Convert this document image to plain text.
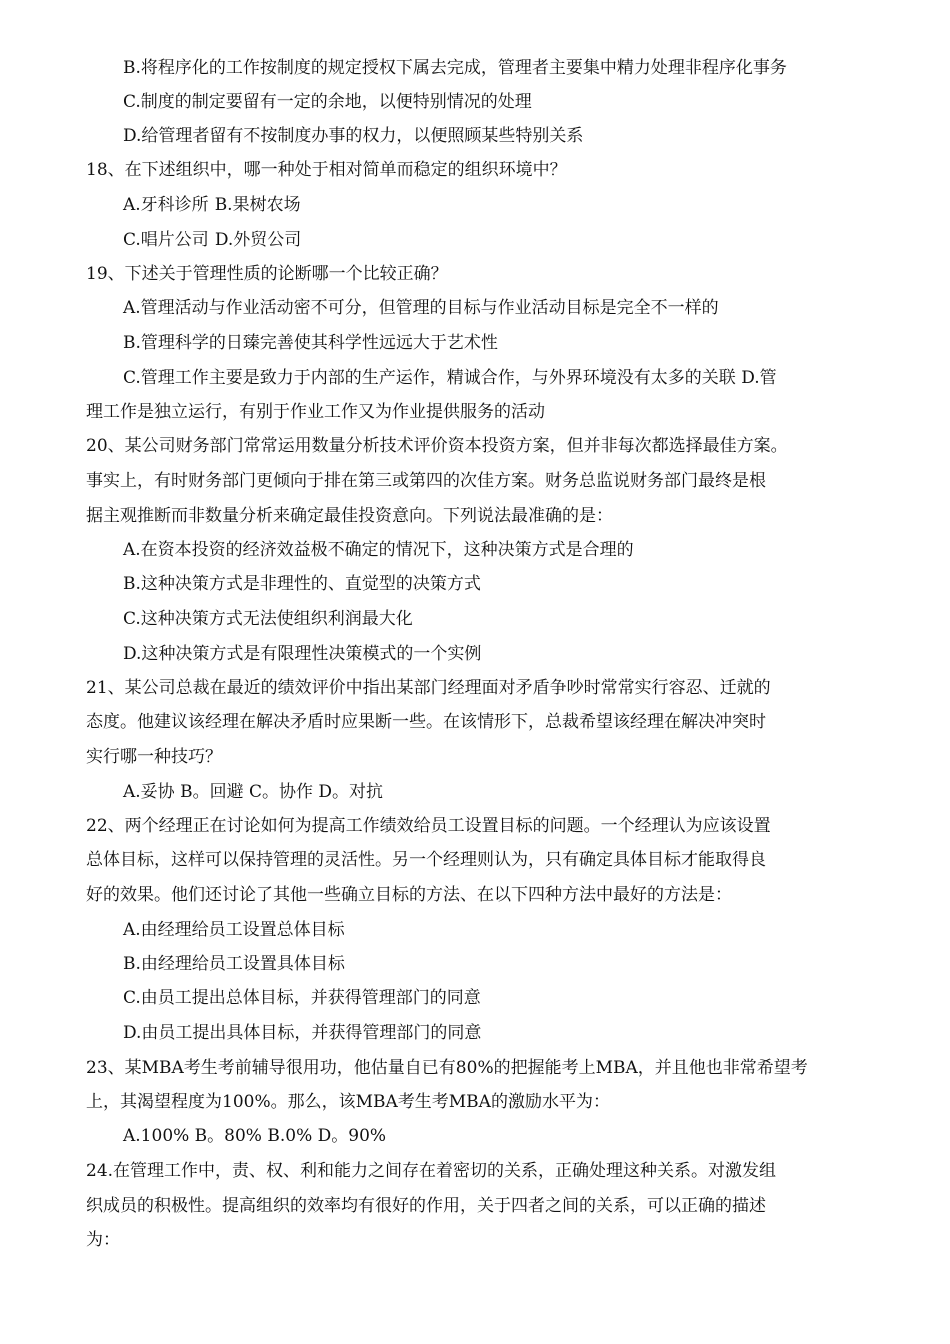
B.将程序化的工作按制度的规定授权下属去完成，管理者主要集中精力处理非程序化事务

C.制度的制定要留有一定的余地，以便特别情况的处理

D.给管理者留有不按制度办事的权力，以便照顾某些特别关系

18、在下述组织中，哪一种处于相对简单而稳定的组织环境中？

A.牙科诊所 B.果树农场

C.唱片公司 D.外贸公司

19、下述关于管理性质的论断哪一个比较正确？

A.管理活动与作业活动密不可分，但管理的目标与作业活动目标是完全不一样的

B.管理科学的日臻完善使其科学性远远大于艺术性

C.管理工作主要是致力于内部的生产运作，精诚合作，与外界环境没有太多的关联 D.管

理工作是独立运行，有别于作业工作又为作业提供服务的活动

20、某公司财务部门常常运用数量分析技术评价资本投资方案，但并非每次都选择最佳方案。

事实上，有时财务部门更倾向于排在第三或第四的次佳方案。财务总监说财务部门最终是根

据主观推断而非数量分析来确定最佳投资意向。下列说法最准确的是：

A.在资本投资的经济效益极不确定的情况下，这种决策方式是合理的

B.这种决策方式是非理性的、直觉型的决策方式

C.这种决策方式无法使组织利润最大化

D.这种决策方式是有限理性决策模式的一个实例

21、某公司总裁在最近的绩效评价中指出某部门经理面对矛盾争吵时常常实行容忍、迁就的

态度。他建议该经理在解决矛盾时应果断一些。在该情形下，总裁希望该经理在解决冲突时

实行哪一种技巧？

A.妥协 B。回避 C。协作 D。对抗

22、两个经理正在讨论如何为提高工作绩效给员工设置目标的问题。一个经理认为应该设置

总体目标，这样可以保持管理的灵活性。另一个经理则认为，只有确定具体目标才能取得良

好的效果。他们还讨论了其他一些确立目标的方法、在以下四种方法中最好的方法是：

A.由经理给员工设置总体目标

B.由经理给员工设置具体目标

C.由员工提出总体目标，并获得管理部门的同意

D.由员工提出具体目标，并获得管理部门的同意

23、某MBA考生考前辅导很用功，他估量自已有80%的把握能考上MBA，并且他也非常希望考

上，其渴望程度为100%。那么，该MBA考生考MBA的激励水平为：

A.100% B。80% B.0% D。90%

24.在管理工作中，责、权、利和能力之间存在着密切的关系，正确处理这种关系。对激发组

织成员的积极性。提高组织的效率均有很好的作用，关于四者之间的关系，可以正确的描述

为：
